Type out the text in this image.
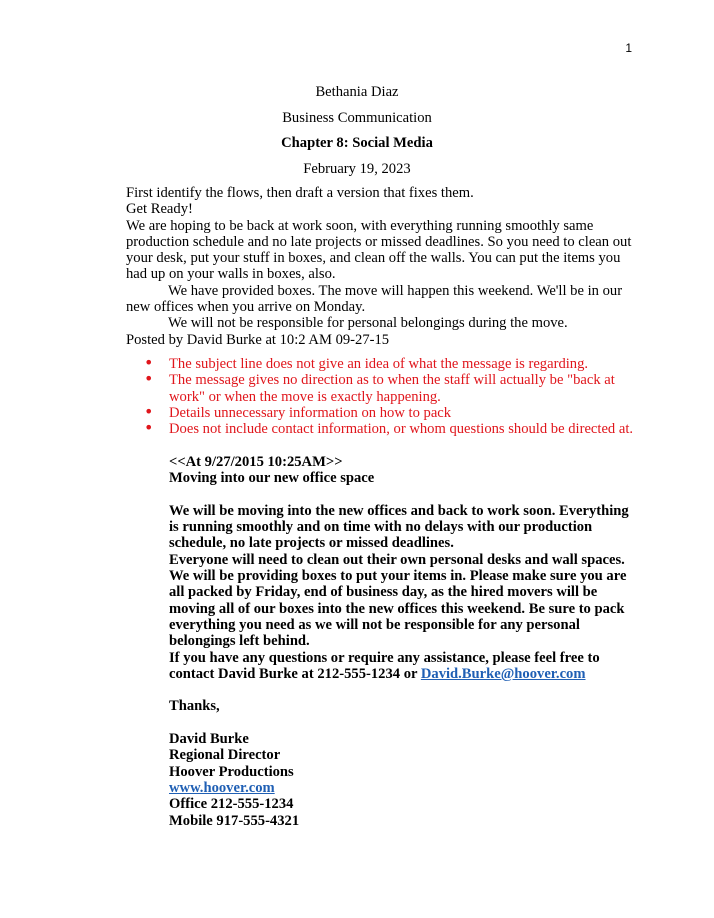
1
Bethania Diaz
Business Communication
Chapter 8: Social Media
February 19, 2023

First identify the flows, then draft a version that fixes them.

Get Ready!

We are hoping to be back at work soon, with everything running smoothly same production schedule and no late projects or missed deadlines. So you need to clean out your desk, put your stuff in boxes, and clean off the walls. You can put the items you had up on your walls in boxes, also.

We have provided boxes. The move will happen this weekend. We'll be in our new offices when you arrive on Monday.

We will not be responsible for personal belongings during the move.

Posted by David Burke at 10:2 AM 09-27-15

• The subject line does not give an idea of what the message is regarding.
• The message gives no direction as to when the staff will actually be "back at work" or when the move is exactly happening.
• Details unnecessary information on how to pack
• Does not include contact information, or whom questions should be directed at.

<<At 9/27/2015 10:25AM>>

Moving into our new office space

We will be moving into the new offices and back to work soon. Everything is running smoothly and on time with no delays with our production schedule, no late projects or missed deadlines.

Everyone will need to clean out their own personal desks and wall spaces. We will be providing boxes to put your items in. Please make sure you are all packed by Friday, end of business day, as the hired movers will be moving all of our boxes into the new offices this weekend. Be sure to pack everything you need as we will not be responsible for any personal belongings left behind.

If you have any questions or require any assistance, please feel free to contact David Burke at 212-555-1234 or David.Burke@hoover.com

Thanks,

David Burke

Regional Director

Hoover Productions

www.hoover.com

Office 212-555-1234

Mobile 917-555-4321
